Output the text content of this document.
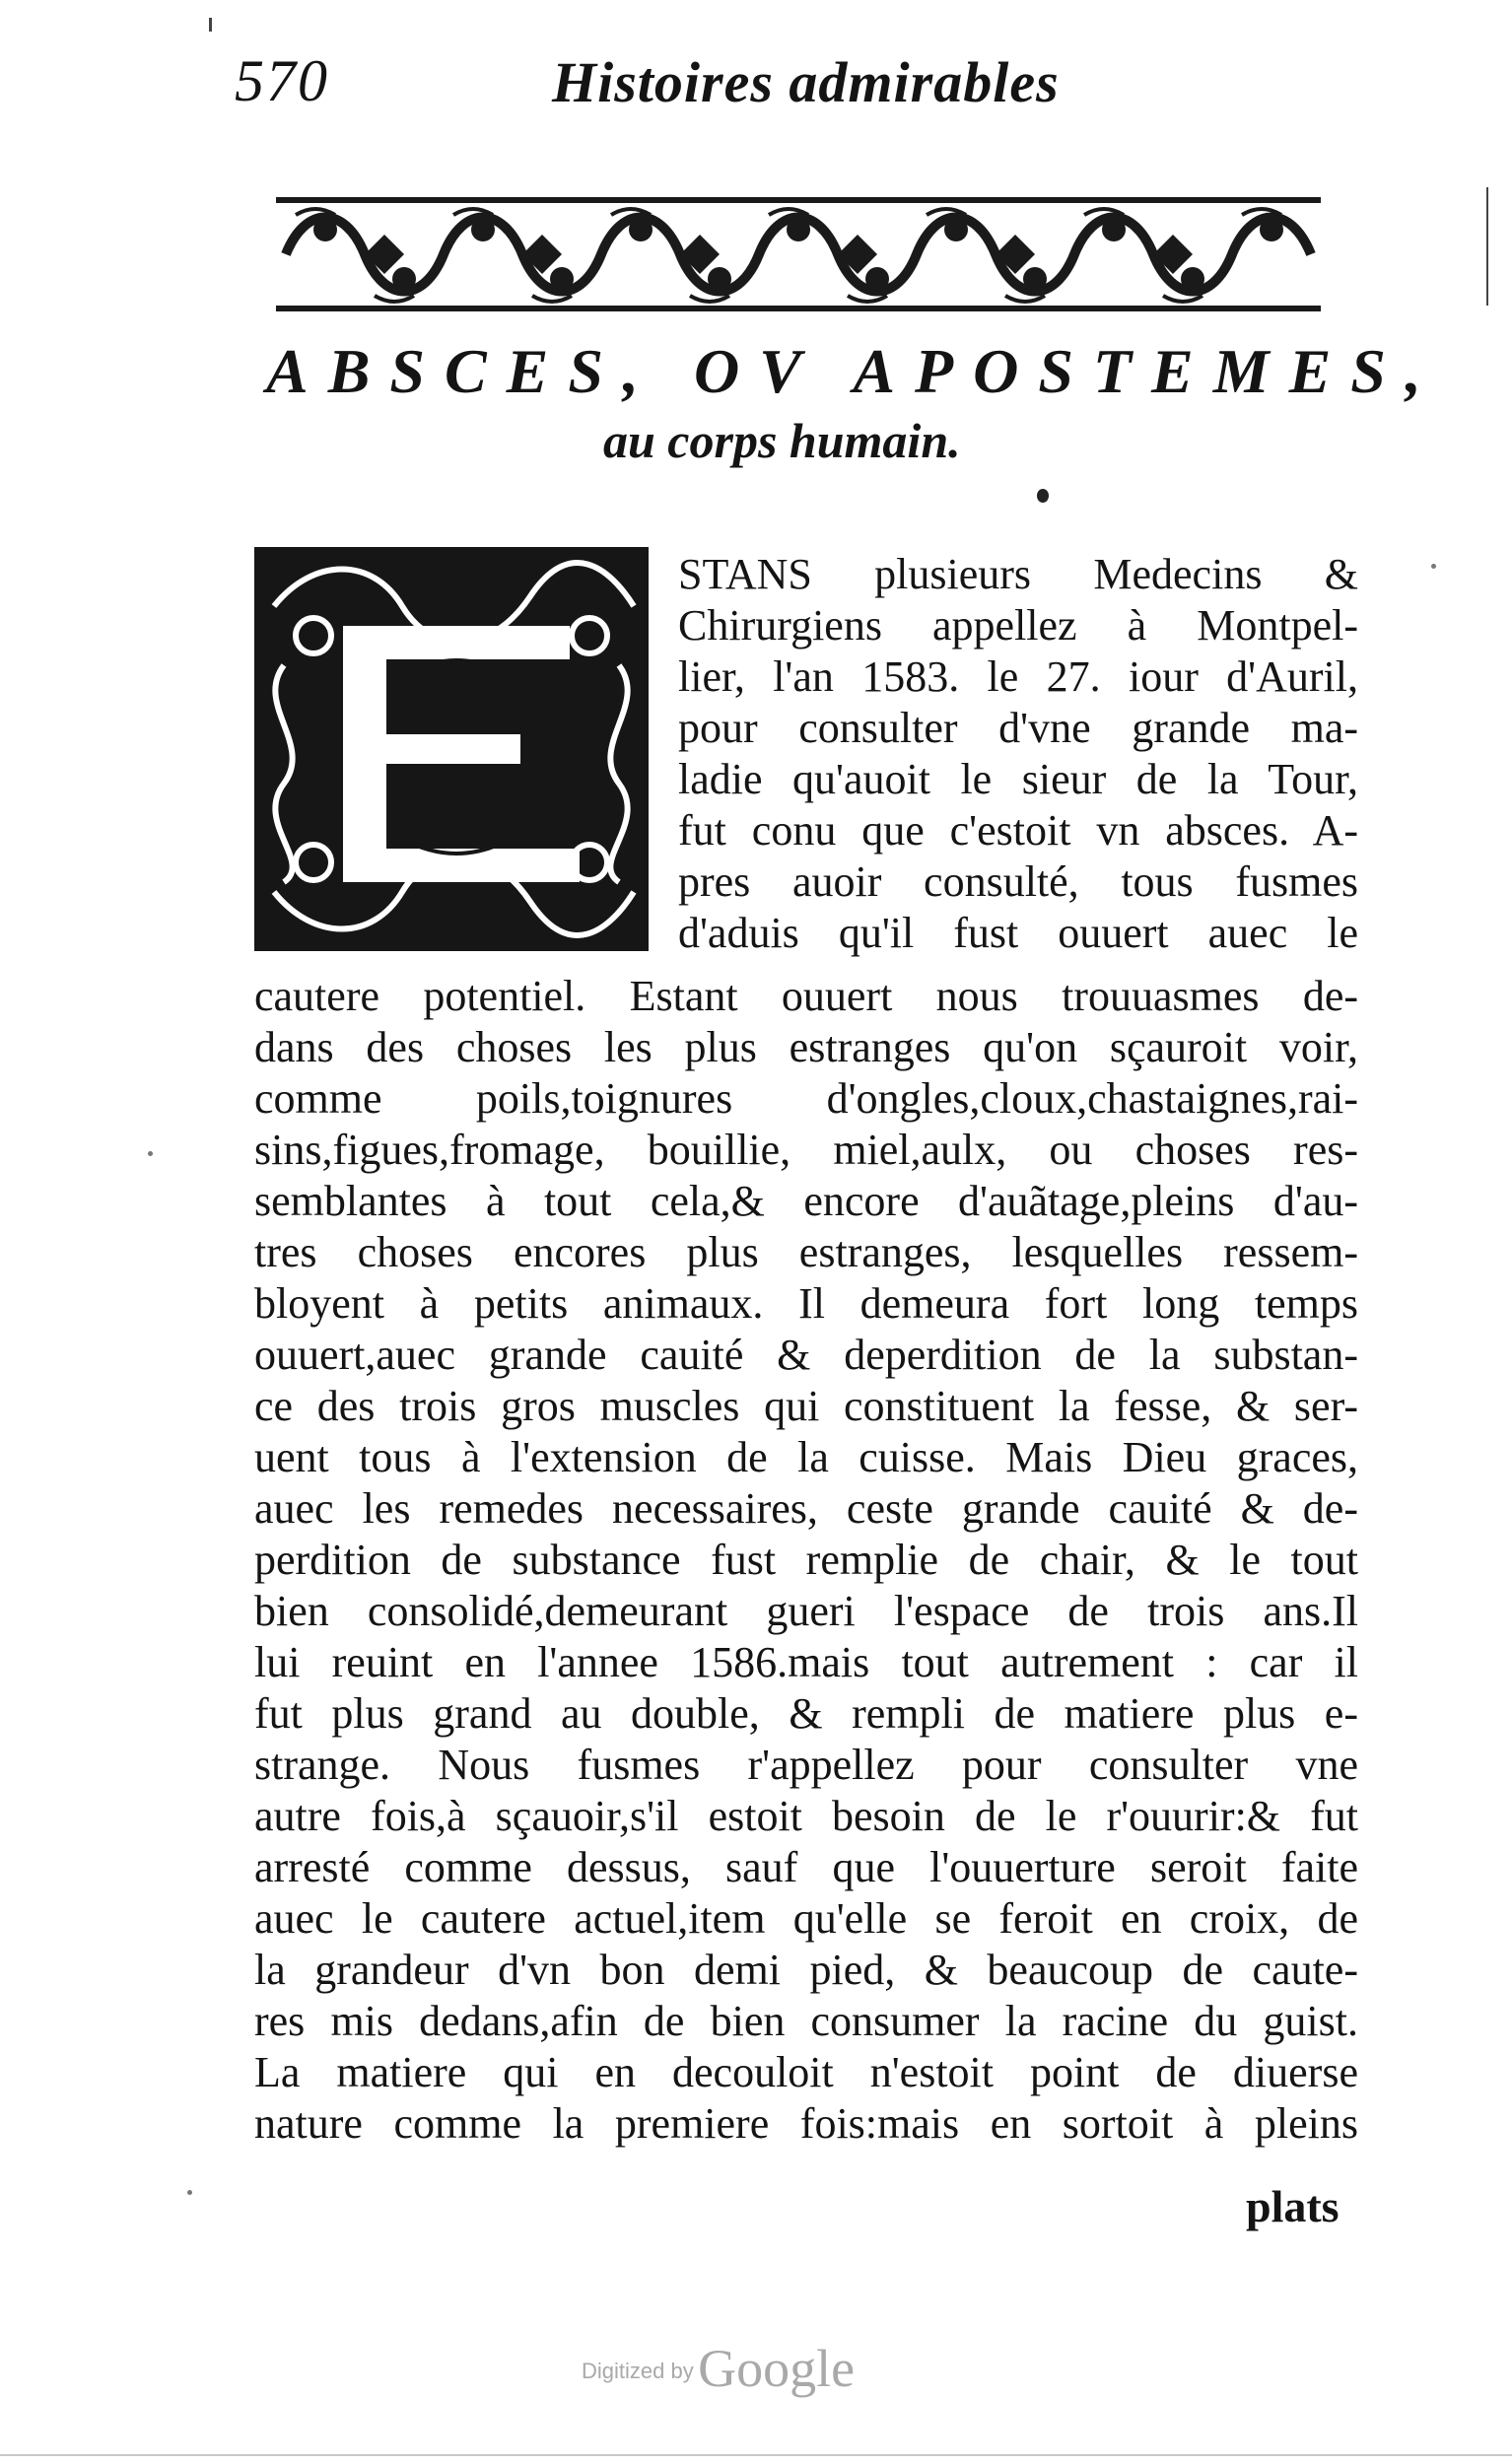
570	Histoires admirables
ABSCES, OV APOSTEMES,
au corps humain.
STANS plusieurs Medecins &
Chirurgiens appellez à Montpel-
lier, l'an 1583. le 27. iour d'Auril,
pour consulter d'vne grande ma-
ladie qu'auoit le sieur de la Tour,
fut conu que c'estoit vn absces. A-
pres auoir consulté, tous fusmes
d'aduis qu'il fust ouuert auec le
cautere potentiel. Estant ouuert nous trouuasmes de-
dans des choses les plus estranges qu'on sçauroit voir,
comme poils,toignures d'ongles,cloux,chastaignes,rai-
sins,figues,fromage, bouillie, miel,aulx, ou choses res-
semblantes à tout cela,& encore d'auãtage,pleins d'au-
tres choses encores plus estranges, lesquelles ressem-
bloyent à petits animaux. Il demeura fort long temps
ouuert,auec grande cauité & deperdition de la substan-
ce des trois gros muscles qui constituent la fesse, & ser-
uent tous à l'extension de la cuisse. Mais Dieu graces,
auec les remedes necessaires, ceste grande cauité & de-
perdition de substance fust remplie de chair, & le tout
bien consolidé,demeurant gueri l'espace de trois ans.Il
lui reuint en l'annee 1586.mais tout autrement : car il
fut plus grand au double, & rempli de matiere plus e-
strange. Nous fusmes r'appellez pour consulter vne
autre fois,à sçauoir,s'il estoit besoin de le r'ouurir:& fut
arresté comme dessus, sauf que l'ouuerture seroit faite
auec le cautere actuel,item qu'elle se feroit en croix, de
la grandeur d'vn bon demi pied, & beaucoup de caute-
res mis dedans,afin de bien consumer la racine du guist.
La matiere qui en decouloit n'estoit point de diuerse
nature comme la premiere fois:mais en sortoit à pleins
plats
Digitized by Google
